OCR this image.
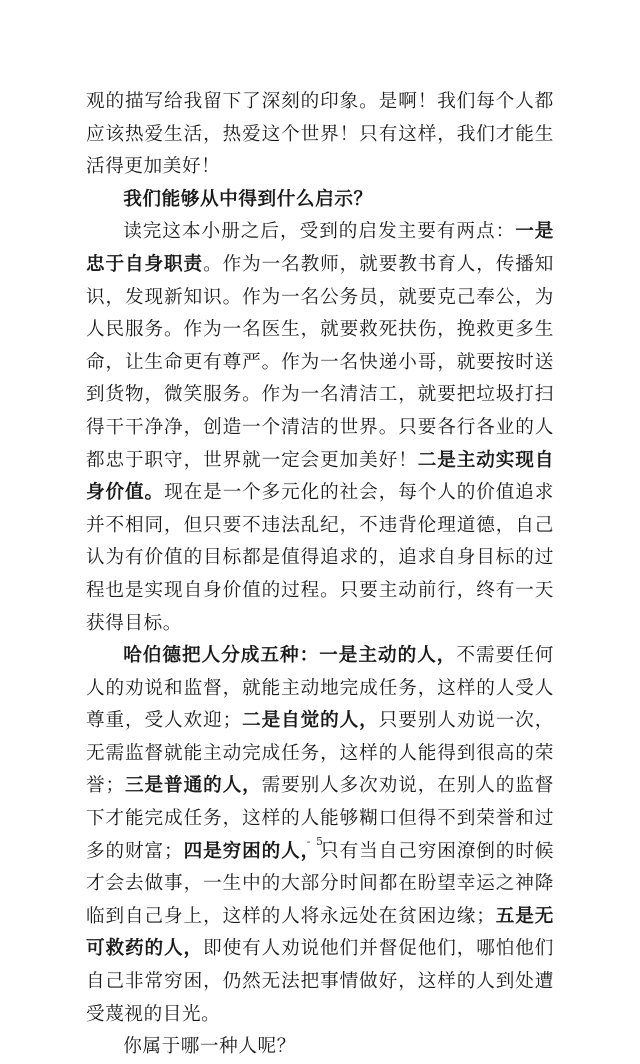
观的描写给我留下了深刻的印象。是啊！我们每个人都应该热爱生活，热爱这个世界！只有这样，我们才能生活得更加美好！

我们能够从中得到什么启示？

读完这本小册之后，受到的启发主要有两点：一是忠于自身职责。作为一名教师，就要教书育人，传播知识，发现新知识。作为一名公务员，就要克己奉公，为人民服务。作为一名医生，就要救死扶伤，挽救更多生命，让生命更有尊严。作为一名快递小哥，就要按时送到货物，微笑服务。作为一名清洁工，就要把垃圾打扫得干干净净，创造一个清洁的世界。只要各行各业的人都忠于职守，世界就一定会更加美好！二是主动实现自身价值。现在是一个多元化的社会，每个人的价值追求并不相同，但只要不违法乱纪，不违背伦理道德，自己认为有价值的目标都是值得追求的，追求自身目标的过程也是实现自身价值的过程。只要主动前行，终有一天获得目标。

哈伯德把人分成五种：一是主动的人，不需要任何人的劝说和监督，就能主动地完成任务，这样的人受人尊重，受人欢迎；二是自觉的人，只要别人劝说一次，无需监督就能主动完成任务，这样的人能得到很高的荣誉；三是普通的人，需要别人多次劝说，在别人的监督下才能完成任务，这样的人能够糊口但得不到荣誉和过多的财富；四是穷困的人，只有当自己穷困潦倒的时候才会去做事，一生中的大部分时间都在盼望幸运之神降临到自己身上，这样的人将永远处在贫困边缘；五是无可救药的人，即使有人劝说他们并督促他们，哪怕他们自己非常穷困，仍然无法把事情做好，这样的人到处遭受蔑视的目光。

你属于哪一种人呢？

- 5 -
